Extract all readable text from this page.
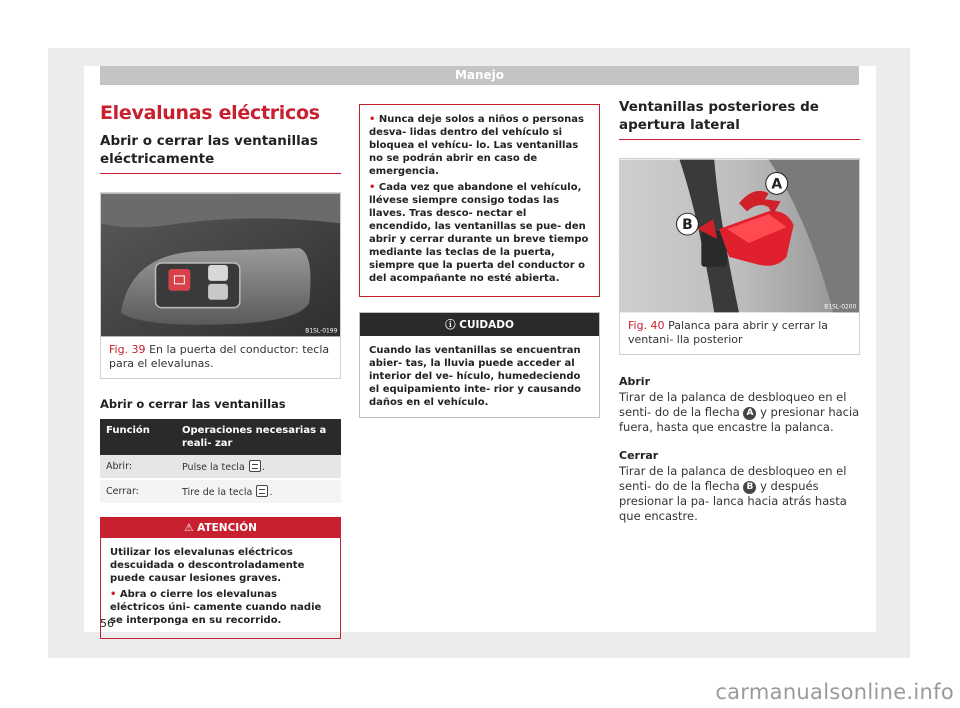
Manejo
Elevalunas eléctricos
Abrir o cerrar las ventanillas eléctricamente
B1SL-0199
Fig. 39 En la puerta del conductor: tecla para el elevalunas.
Abrir o cerrar las ventanillas
Función	Operaciones necesarias a reali- zar
Abrir:	Pulse la tecla .
Cerrar:	Tire de la tecla .
⚠ ATENCIÓN

Utilizar los elevalunas eléctricos descuidada o descontroladamente puede causar lesiones graves.

• Abra o cierre los elevalunas eléctricos úni- camente cuando nadie se interponga en su recorrido.

• Nunca deje solos a niños o personas desva- lidas dentro del vehículo si bloquea el vehícu- lo. Las ventanillas no se podrán abrir en caso de emergencia.

• Cada vez que abandone el vehículo, llévese siempre consigo todas las llaves. Tras desco- nectar el encendido, las ventanillas se pue- den abrir y cerrar durante un breve tiempo mediante las teclas de la puerta, siempre que la puerta del conductor o del acompañante no esté abierta.

ⓘ CUIDADO
Cuando las ventanillas se encuentran abier- tas, la lluvia puede acceder al interior del ve- hículo, humedeciendo el equipamiento inte- rior y causando daños en el vehículo.
Ventanillas posteriores de apertura lateral
A
B
B1SL-0200
Fig. 40 Palanca para abrir y cerrar la ventani- lla posterior
Abrir

Tirar de la palanca de desbloqueo en el senti- do de la flecha A y presionar hacia fuera, hasta que encastre la palanca.

Cerrar

Tirar de la palanca de desbloqueo en el senti- do de la flecha B y después presionar la pa- lanca hacia atrás hasta que encastre.

56
carmanualsonline.info
